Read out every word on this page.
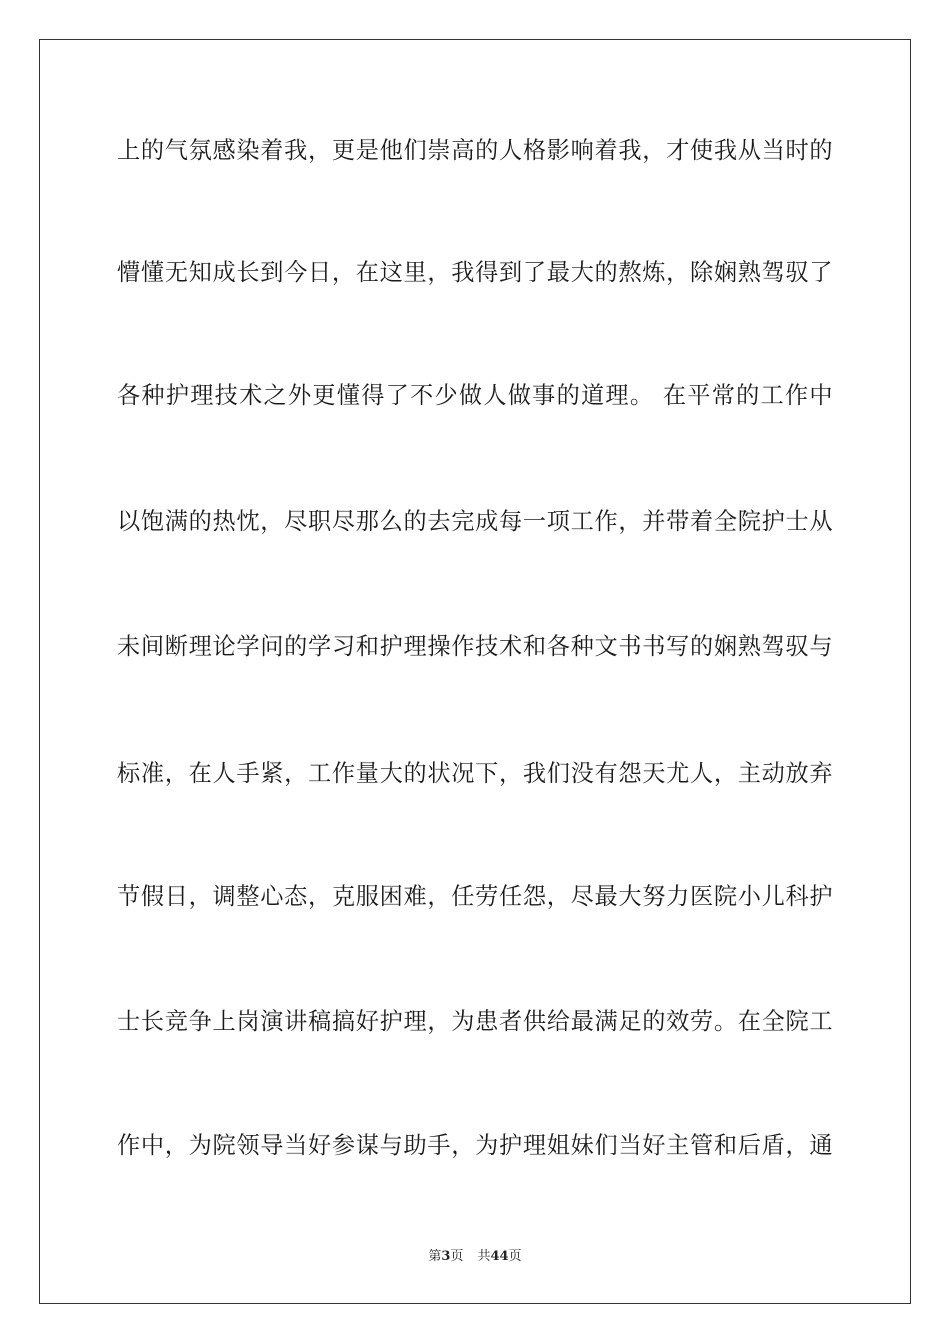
上的气氛感染着我，更是他们崇高的人格影响着我，才使我从当时的
懵懂无知成长到今日，在这里，我得到了最大的熬炼，除娴熟驾驭了
各种护理技术之外更懂得了不少做人做事的道理。 在平常的工作中
以饱满的热忱，尽职尽那么的去完成每一项工作，并带着全院护士从
未间断理论学问的学习和护理操作技术和各种文书书写的娴熟驾驭与
标准，在人手紧，工作量大的状况下，我们没有怨天尤人，主动放弃
节假日，调整心态，克服困难，任劳任怨，尽最大努力医院小儿科护
士长竞争上岗演讲稿搞好护理，为患者供给最满足的效劳。在全院工
作中，为院领导当好参谋与助手，为护理姐妹们当好主管和后盾，通
第3页 共44页
